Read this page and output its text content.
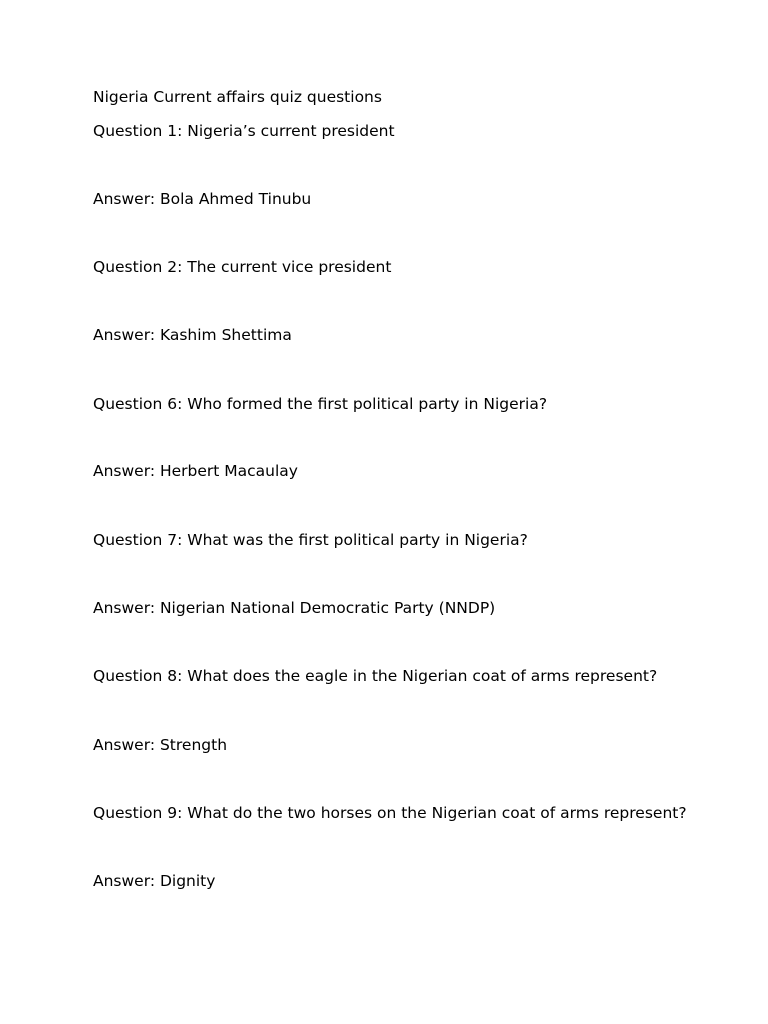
Nigeria Current affairs quiz questions
Question 1: Nigeria’s current president
Answer: Bola Ahmed Tinubu
Question 2: The current vice president
Answer: Kashim Shettima
Question 6: Who formed the first political party in Nigeria?
Answer: Herbert Macaulay
Question 7: What was the first political party in Nigeria?
Answer: Nigerian National Democratic Party (NNDP)
Question 8: What does the eagle in the Nigerian coat of arms represent?
Answer: Strength
Question 9: What do the two horses on the Nigerian coat of arms represent?
Answer: Dignity
